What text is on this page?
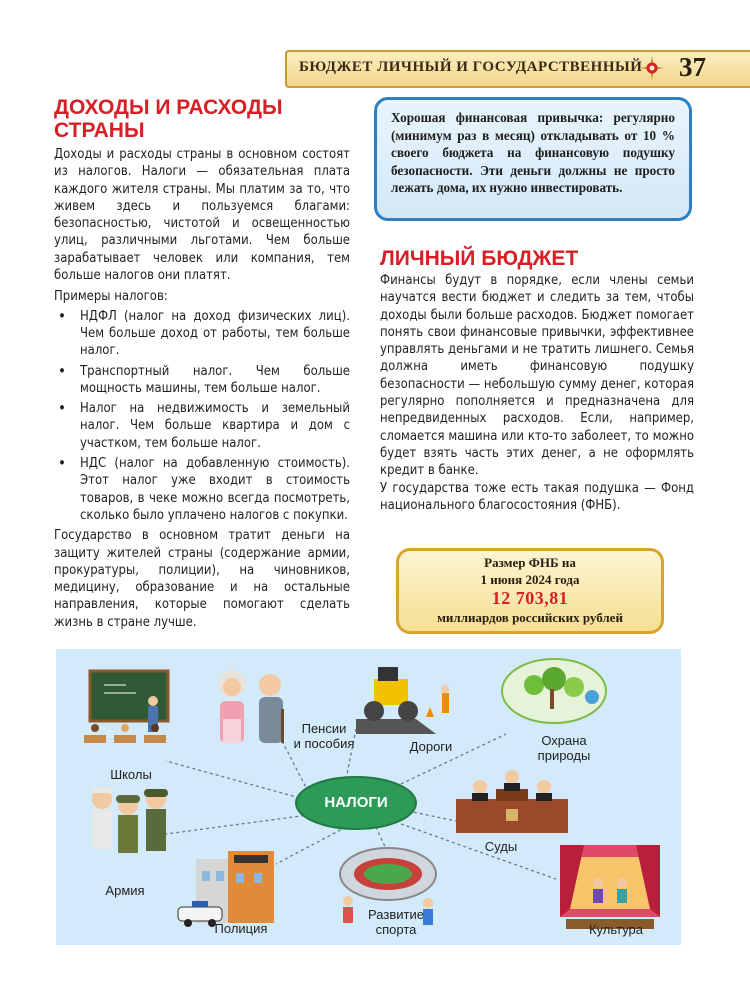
БЮДЖЕТ ЛИЧНЫЙ И ГОСУДАРСТВЕННЫЙ 37
ДОХОДЫ И РАСХОДЫ
СТРАНЫ

Доходы и расходы страны в основном состоят из налогов. Налоги — обязательная плата каждого жителя страны. Мы платим за то, что живем здесь и пользуемся благами: безопасностью, чистотой и освещенностью улиц, различными льготами. Чем больше зарабатывает человек или компания, тем больше налогов они платят.

Примеры налогов:

• НДФЛ (налог на доход физических лиц). Чем больше доход от работы, тем больше налог.
• Транспортный налог. Чем больше мощность машины, тем больше налог.
• Налог на недвижимость и земельный налог. Чем больше квартира и дом с участком, тем больше налог.
• НДС (налог на добавленную стоимость). Этот налог уже входит в стоимость товаров, в чеке можно всегда посмотреть, сколько было уплачено налогов с покупки.

Государство в основном тратит деньги на защиту жителей страны (содержание армии, прокуратуры, полиции), на чиновников, медицину, образование и на остальные направления, которые помогают сделать жизнь в стране лучше.

Хорошая финансовая привычка: регулярно (минимум раз в месяц) откладывать от 10 % своего бюджета на финансовую подушку безопасности. Эти деньги должны не просто лежать дома, их нужно инвестировать.
ЛИЧНЫЙ БЮДЖЕТ

Финансы будут в порядке, если члены семьи научатся вести бюджет и следить за тем, чтобы доходы были больше расходов. Бюджет помогает понять свои финансовые привычки, эффективнее управлять деньгами и не тратить лишнего. Семья должна иметь финансовую подушку безопасности — небольшую сумму денег, которая регулярно пополняется и предназначена для непредвиденных расходов. Если, например, сломается машина или кто-то заболеет, то можно будет взять часть этих денег, а не оформлять кредит в банке.

У государства тоже есть такая подушка — Фонд национального благосостояния (ФНБ).

Размер ФНБ на
1 июня 2024 года
12 703,81
миллиардов российских рублей
НАЛОГИ
Школы
Пенсии
и пособия	Дороги	Охрана
природы
Армия
Полиция
Развитие
спорта
Суды
Культура
